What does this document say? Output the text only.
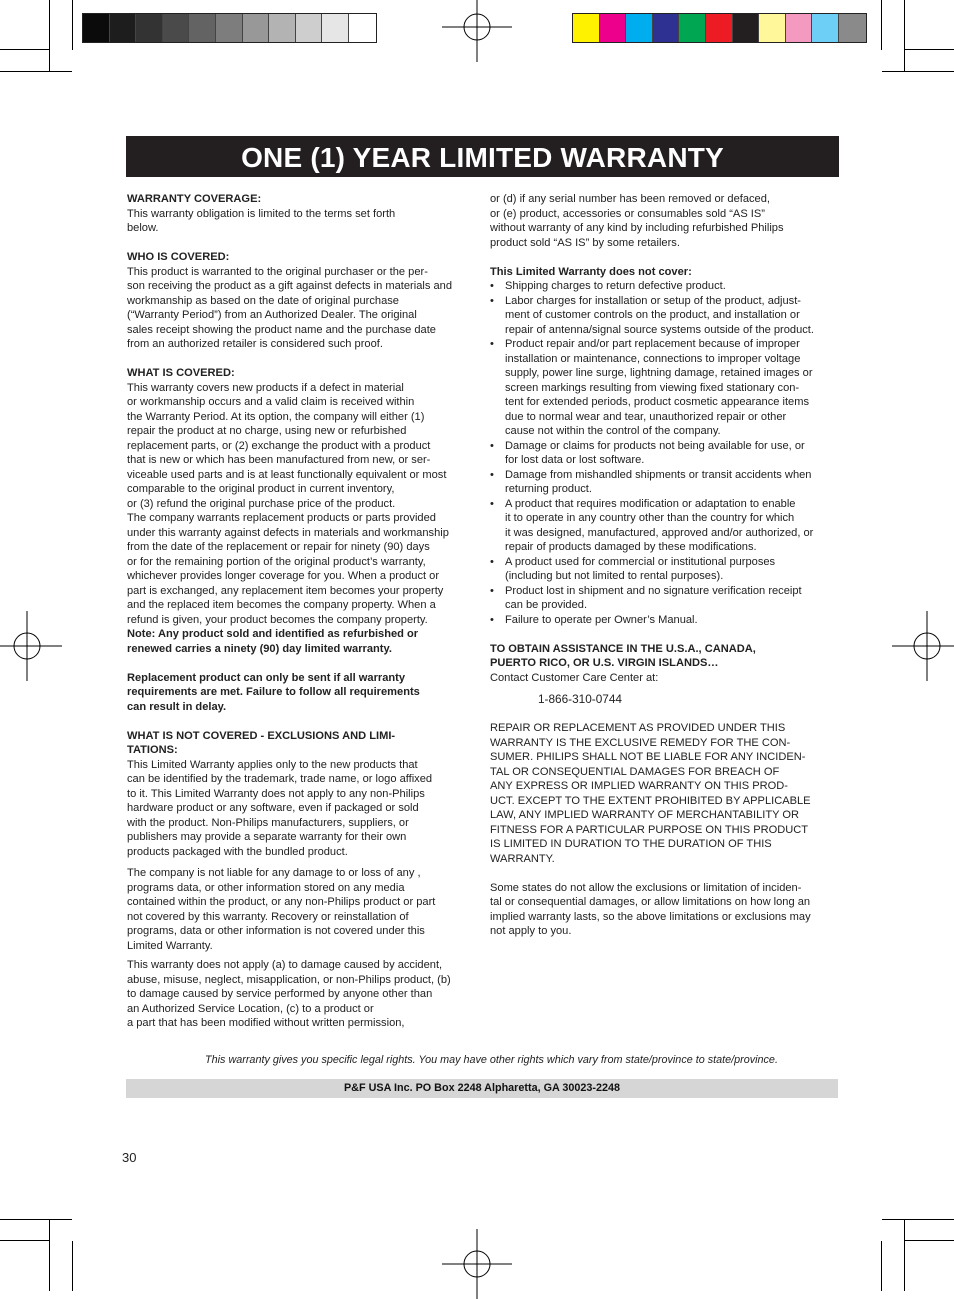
ONE (1) YEAR LIMITED WARRANTY

WARRANTY COVERAGE:

This warranty obligation is limited to the terms set forth
below.

WHO IS COVERED:

This product is warranted to the original purchaser or the per-
son receiving the product as a gift against defects in materials and
workmanship as based on the date of original purchase
(“Warranty Period”) from an Authorized Dealer. The original
sales receipt showing the product name and the purchase date
from an authorized retailer is considered such proof.

WHAT IS COVERED:

This warranty covers new products if a defect in material
or workmanship occurs and a valid claim is received within
the Warranty Period. At its option, the company will either (1)
repair the product at no charge, using new or refurbished
replacement parts, or (2) exchange the product with a product
that is new or which has been manufactured from new, or ser-
viceable used parts and is at least functionally equivalent or most
comparable to the original product in current inventory,
or (3) refund the original purchase price of the product.
The company warrants replacement products or parts provided
under this warranty against defects in materials and workmanship
from the date of the replacement or repair for ninety (90) days
or for the remaining portion of the original product’s warranty,
whichever provides longer coverage for you. When a product or
part is exchanged, any replacement item becomes your property
and the replaced item becomes the company property. When a
refund is given, your product becomes the company property.
Note: Any product sold and identified as refurbished or
renewed carries a ninety (90) day limited warranty.
Replacement product can only be sent if all warranty
requirements are met. Failure to follow all requirements
can result in delay.
WHAT IS NOT COVERED - EXCLUSIONS AND LIMI-
TATIONS:
This Limited Warranty applies only to the new products that
can be identified by the trademark, trade name, or logo affixed
to it. This Limited Warranty does not apply to any non-Philips
hardware product or any software, even if packaged or sold
with the product. Non-Philips manufacturers, suppliers, or
publishers may provide a separate warranty for their own
products packaged with the bundled product.
The company is not liable for any damage to or loss of any ,
programs data, or other information stored on any media
contained within the product, or any non-Philips product or part
not covered by this warranty. Recovery or reinstallation of
programs, data or other information is not covered under this
Limited Warranty.
This warranty does not apply (a) to damage caused by accident,
abuse, misuse, neglect, misapplication, or non-Philips product, (b)
to damage caused by service performed by anyone other than
an Authorized Service Location, (c) to a product or
a part that has been modified without written permission,
or (d) if any serial number has been removed or defaced,
or (e) product, accessories or consumables sold “AS IS”
without warranty of any kind by including refurbished Philips
product sold “AS IS” by some retailers.

This Limited Warranty does not cover:

• Shipping charges to return defective product.
• Labor charges for installation or setup of the product, adjust-
ment of customer controls on the product, and installation or
repair of antenna/signal source systems outside of the product.
• Product repair and/or part replacement because of improper
installation or maintenance, connections to improper voltage
supply, power line surge, lightning damage, retained images or
screen markings resulting from viewing fixed stationary con-
tent for extended periods, product cosmetic appearance items
due to normal wear and tear, unauthorized repair or other
cause not within the control of the company.
• Damage or claims for products not being available for use, or
for lost data or lost software.
• Damage from mishandled shipments or transit accidents when
returning product.
• A product that requires modification or adaptation to enable
it to operate in any country other than the country for which
it was designed, manufactured, approved and/or authorized, or
repair of products damaged by these modifications.
• A product used for commercial or institutional purposes
(including but not limited to rental purposes).
• Product lost in shipment and no signature verification receipt
can be provided.
• Failure to operate per Owner’s Manual.
TO OBTAIN ASSISTANCE IN THE U.S.A., CANADA,
PUERTO RICO, OR U.S. VIRGIN ISLANDS…

Contact Customer Care Center at:

1-866-310-0744

REPAIR OR REPLACEMENT AS PROVIDED UNDER THIS
WARRANTY IS THE EXCLUSIVE REMEDY FOR THE CON-
SUMER. PHILIPS SHALL NOT BE LIABLE FOR ANY INCIDEN-
TAL OR CONSEQUENTIAL DAMAGES FOR BREACH OF
ANY EXPRESS OR IMPLIED WARRANTY ON THIS PROD-
UCT. EXCEPT TO THE EXTENT PROHIBITED BY APPLICABLE
LAW, ANY IMPLIED WARRANTY OF MERCHANTABILITY OR
FITNESS FOR A PARTICULAR PURPOSE ON THIS PRODUCT
IS LIMITED IN DURATION TO THE DURATION OF THIS
WARRANTY.
Some states do not allow the exclusions or limitation of inciden-
tal or consequential damages, or allow limitations on how long an
implied warranty lasts, so the above limitations or exclusions may
not apply to you.
This warranty gives you specific legal rights. You may have other rights which vary from state/province to state/province.
P&F USA Inc. PO Box 2248 Alpharetta, GA 30023-2248
30
